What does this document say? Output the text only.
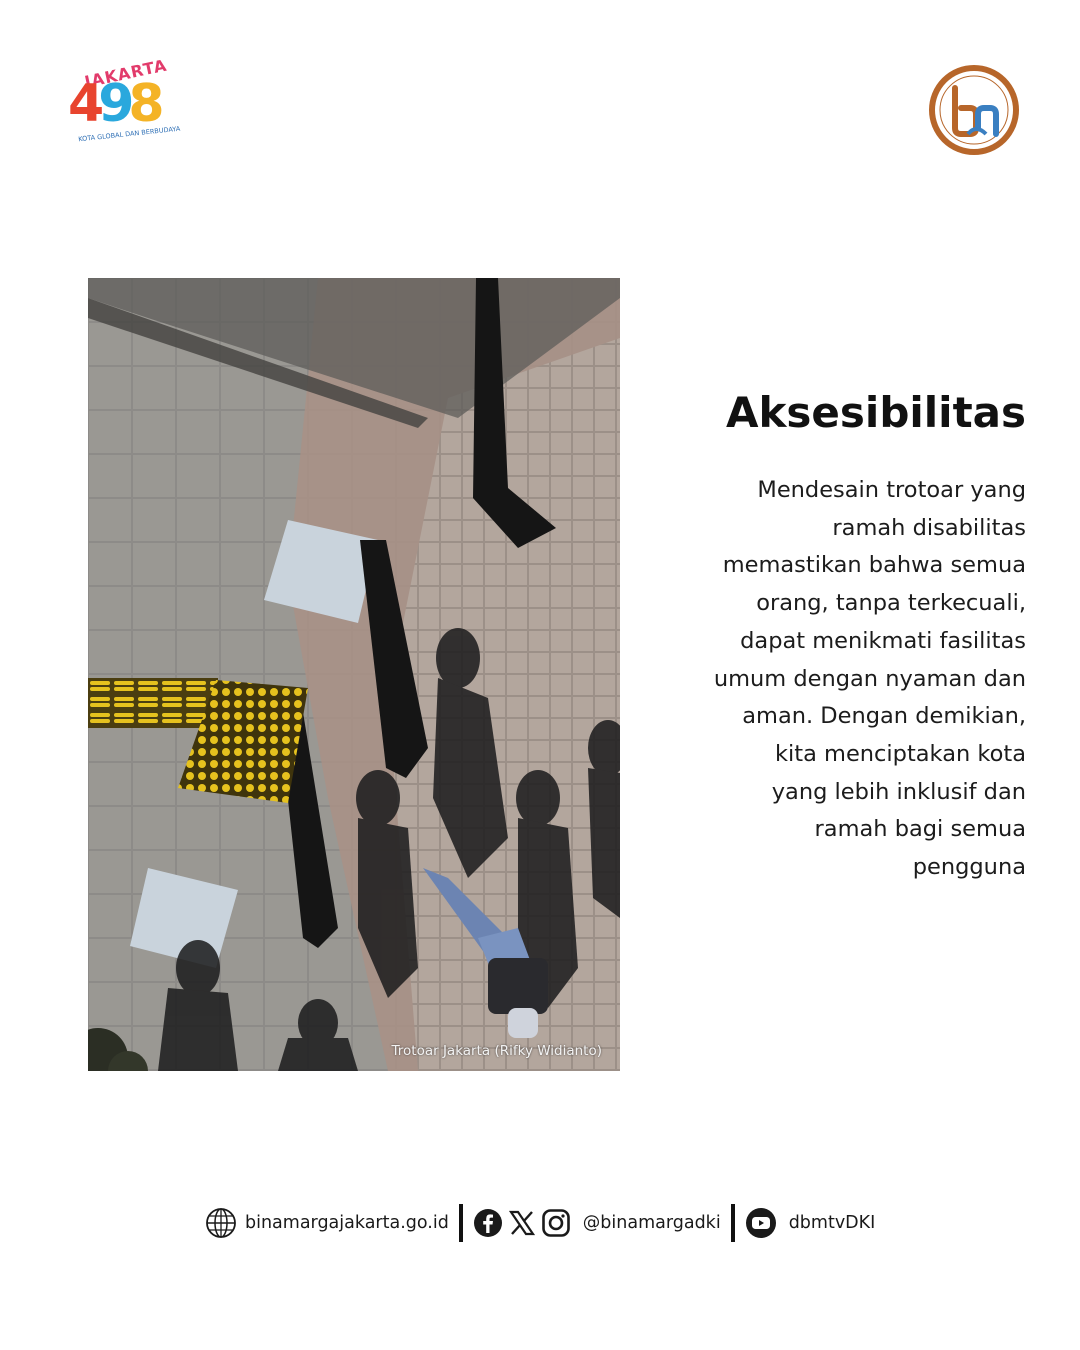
JAKARTA
498
KOTA GLOBAL DAN BERBUDAYA
Trotoar Jakarta (Rifky Widianto)
Aksesibilitas

Mendesain trotoar yang
ramah disabilitas
memastikan bahwa semua
orang, tanpa terkecuali,
dapat menikmati fasilitas
umum dengan nyaman dan
aman. Dengan demikian,
kita menciptakan kota
yang lebih inklusif dan
ramah bagi semua
pengguna

binamargajakarta.go.id	@binamargadki	dbmtvDKI
